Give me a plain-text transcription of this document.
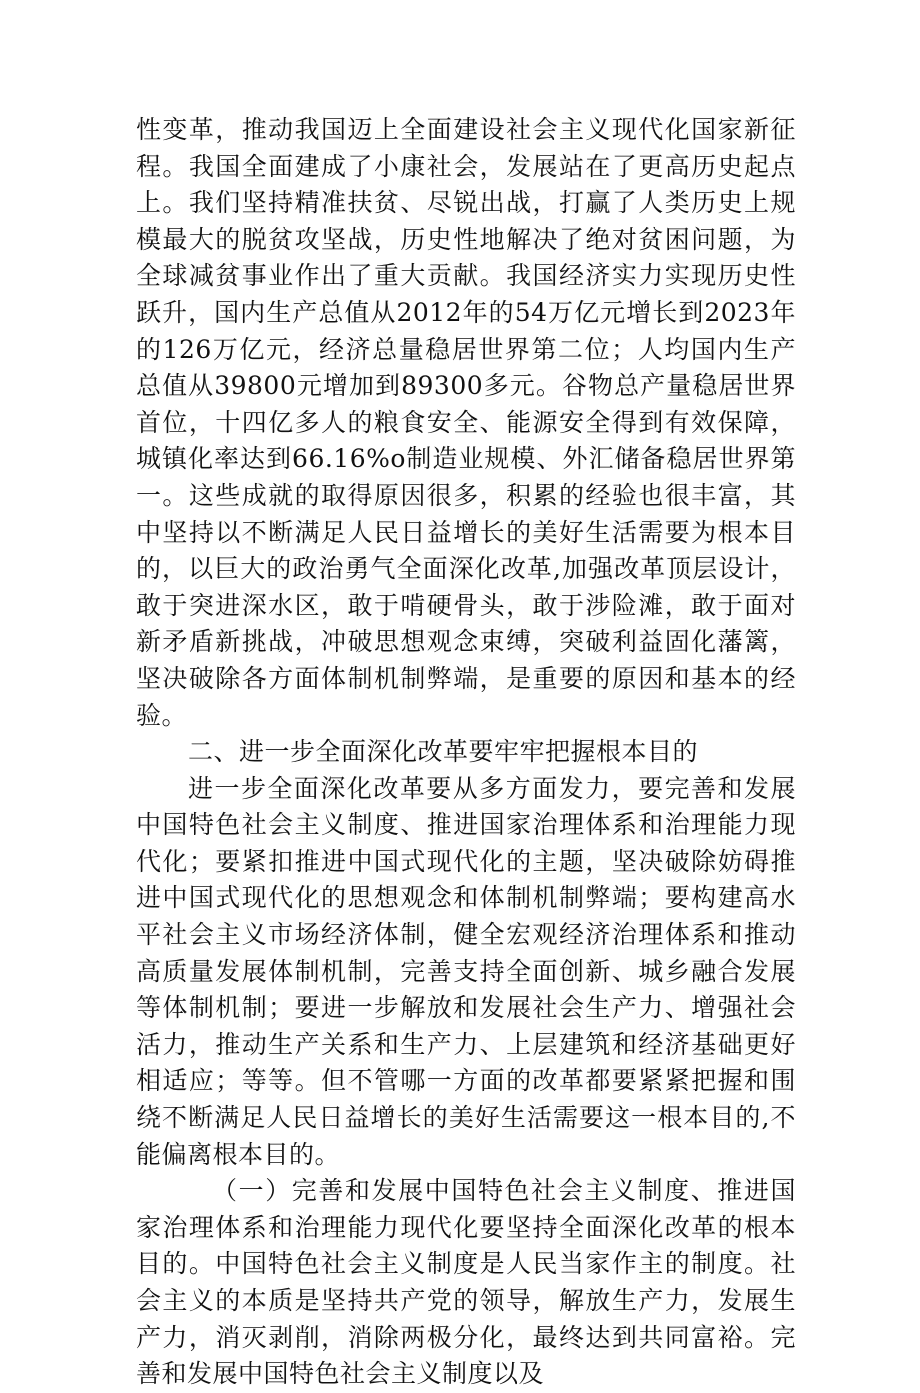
性变革，推动我国迈上全面建设社会主义现代化国家新征程。我国全面建成了小康社会，发展站在了更高历史起点上。我们坚持精准扶贫、尽锐出战，打赢了人类历史上规模最大的脱贫攻坚战，历史性地解决了绝对贫困问题，为全球减贫事业作出了重大贡献。我国经济实力实现历史性跃升，国内生产总值从2012年的54万亿元增长到2023年的126万亿元，经济总量稳居世界第二位；人均国内生产总值从39800元增加到89300多元。谷物总产量稳居世界首位，十四亿多人的粮食安全、能源安全得到有效保障，城镇化率达到66.16%o制造业规模、外汇储备稳居世界第一。这些成就的取得原因很多，积累的经验也很丰富，其中坚持以不断满足人民日益增长的美好生活需要为根本目的，以巨大的政治勇气全面深化改革,加强改革顶层设计，敢于突进深水区，敢于啃硬骨头，敢于涉险滩，敢于面对新矛盾新挑战，冲破思想观念束缚，突破利益固化藩篱，坚决破除各方面体制机制弊端，是重要的原因和基本的经验。

二、进一步全面深化改革要牢牢把握根本目的

进一步全面深化改革要从多方面发力，要完善和发展中国特色社会主义制度、推进国家治理体系和治理能力现代化；要紧扣推进中国式现代化的主题，坚决破除妨碍推进中国式现代化的思想观念和体制机制弊端；要构建高水平社会主义市场经济体制，健全宏观经济治理体系和推动高质量发展体制机制，完善支持全面创新、城乡融合发展等体制机制；要进一步解放和发展社会生产力、增强社会活力，推动生产关系和生产力、上层建筑和经济基础更好相适应；等等。但不管哪一方面的改革都要紧紧把握和围绕不断满足人民日益增长的美好生活需要这一根本目的,不能偏离根本目的。

（一）完善和发展中国特色社会主义制度、推进国家治理体系和治理能力现代化要坚持全面深化改革的根本目的。中国特色社会主义制度是人民当家作主的制度。社会主义的本质是坚持共产党的领导，解放生产力，发展生产力，消灭剥削，消除两极分化，最终达到共同富裕。完善和发展中国特色社会主义制度以及
